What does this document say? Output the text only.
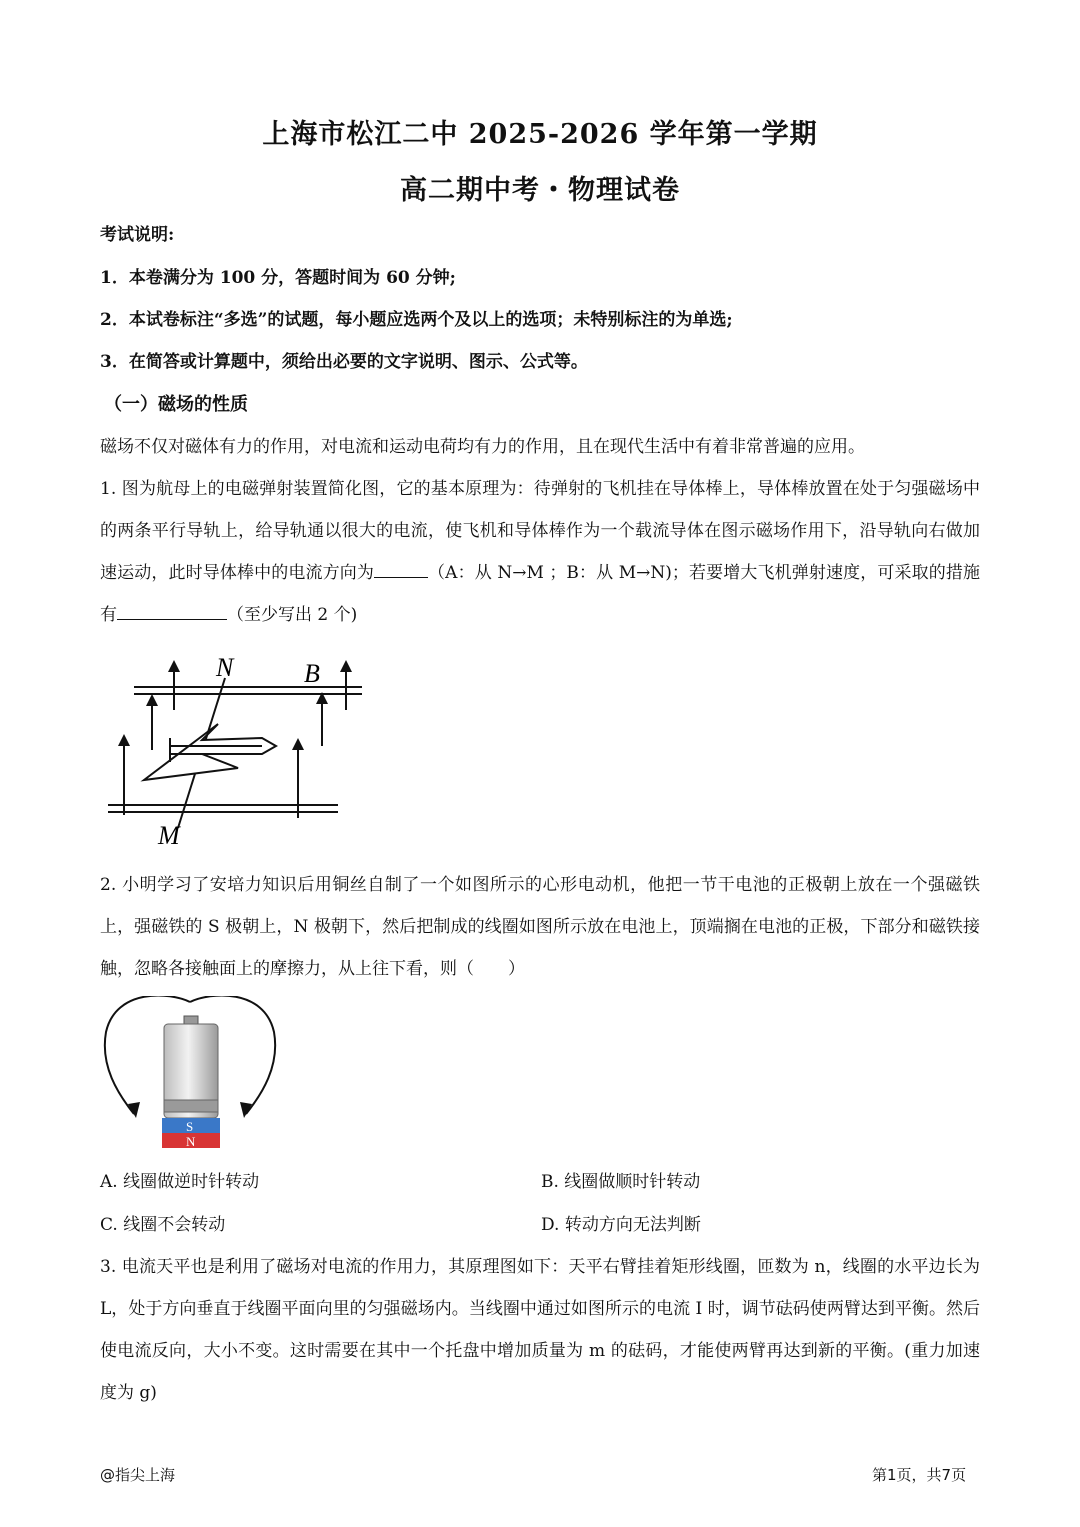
上海市松江二中 2025-2026 学年第一学期
高二期中考・物理试卷
考试说明:
1．本卷满分为 100 分，答题时间为 60 分钟;
2．本试卷标注“多选”的试题，每小题应选两个及以上的选项；未特别标注的为单选;
3．在简答或计算题中，须给出必要的文字说明、图示、公式等。
（一）磁场的性质
磁场不仅对磁体有力的作用，对电流和运动电荷均有力的作用，且在现代生活中有着非常普遍的应用。
1. 图为航母上的电磁弹射装置简化图，它的基本原理为：待弹射的飞机挂在导体棒上，导体棒放置在处于匀强磁场中的两条平行导轨上，给导轨通以很大的电流，使飞机和导体棒作为一个载流导体在图示磁场作用下，沿导轨向右做加速运动，此时导体棒中的电流方向为	（A：从 N→M ；B：从 M→N)；若要增大飞机弹射速度，可采取的措施有	（至少写出 2 个)
N	B
M
2. 小明学习了安培力知识后用铜丝自制了一个如图所示的心形电动机，他把一节干电池的正极朝上放在一个强磁铁上，强磁铁的 S 极朝上，N 极朝下，然后把制成的线圈如图所示放在电池上，顶端搁在电池的正极，下部分和磁铁接触，忽略各接触面上的摩擦力，从上往下看，则（　　）
S
N
A. 线圈做逆时针转动	B. 线圈做顺时针转动
C. 线圈不会转动	D. 转动方向无法判断
3. 电流天平也是利用了磁场对电流的作用力，其原理图如下：天平右臂挂着矩形线圈，匝数为 n，线圈的水平边长为 L，处于方向垂直于线圈平面向里的匀强磁场内。当线圈中通过如图所示的电流 I 时，调节砝码使两臂达到平衡。然后使电流反向，大小不变。这时需要在其中一个托盘中增加质量为 m 的砝码，才能使两臂再达到新的平衡。(重力加速度为 g)
@指尖上海	第1页，共7页
